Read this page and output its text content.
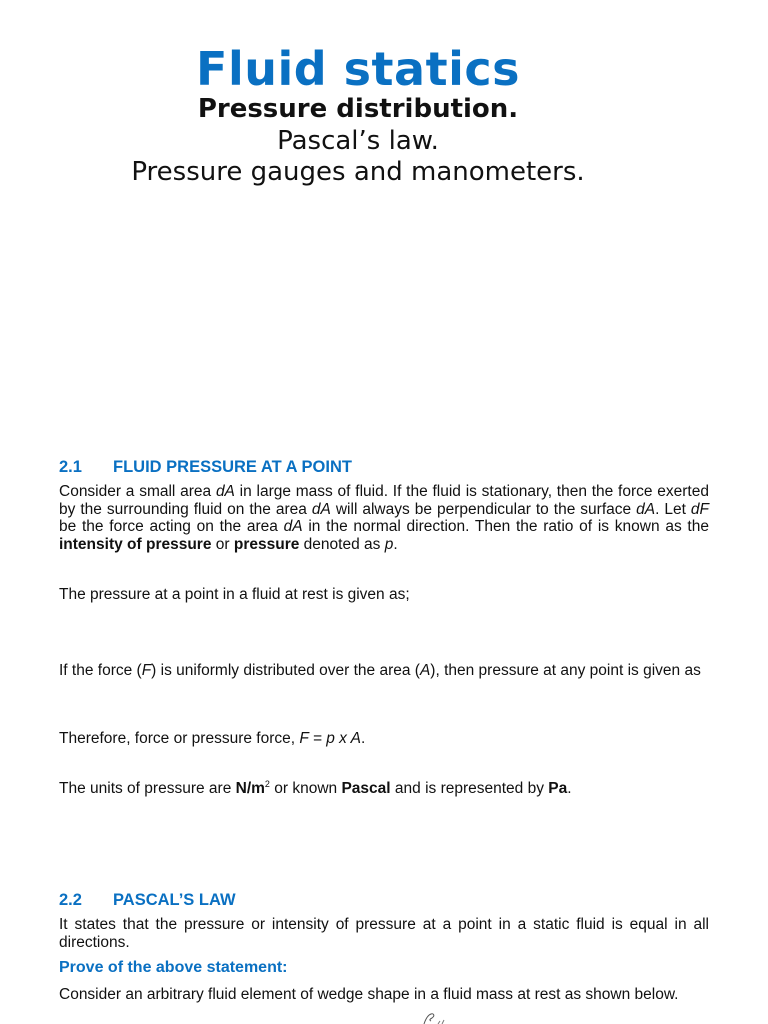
Fluid statics
Pressure distribution.
Pascal’s law.
Pressure gauges and manometers.
2.1 FLUID PRESSURE AT A POINT
Consider a small area dA in large mass of fluid. If the fluid is stationary, then the force exerted by the surrounding fluid on the area dA will always be perpendicular to the surface dA. Let dF be the force acting on the area dA in the normal direction. Then the ratio of is known as the intensity of pressure or pressure denoted as p.
The pressure at a point in a fluid at rest is given as;
If the force (F) is uniformly distributed over the area (A), then pressure at any point is given as
Therefore, force or pressure force, F = p x A.
The units of pressure are $N/m^2$ or known Pascal and is represented by Pa.
2.2 PASCAL’S LAW
It states that the pressure or intensity of pressure at a point in a static fluid is equal in all directions.
Prove of the above statement:
Consider an arbitrary fluid element of wedge shape in a fluid mass at rest as shown below.
